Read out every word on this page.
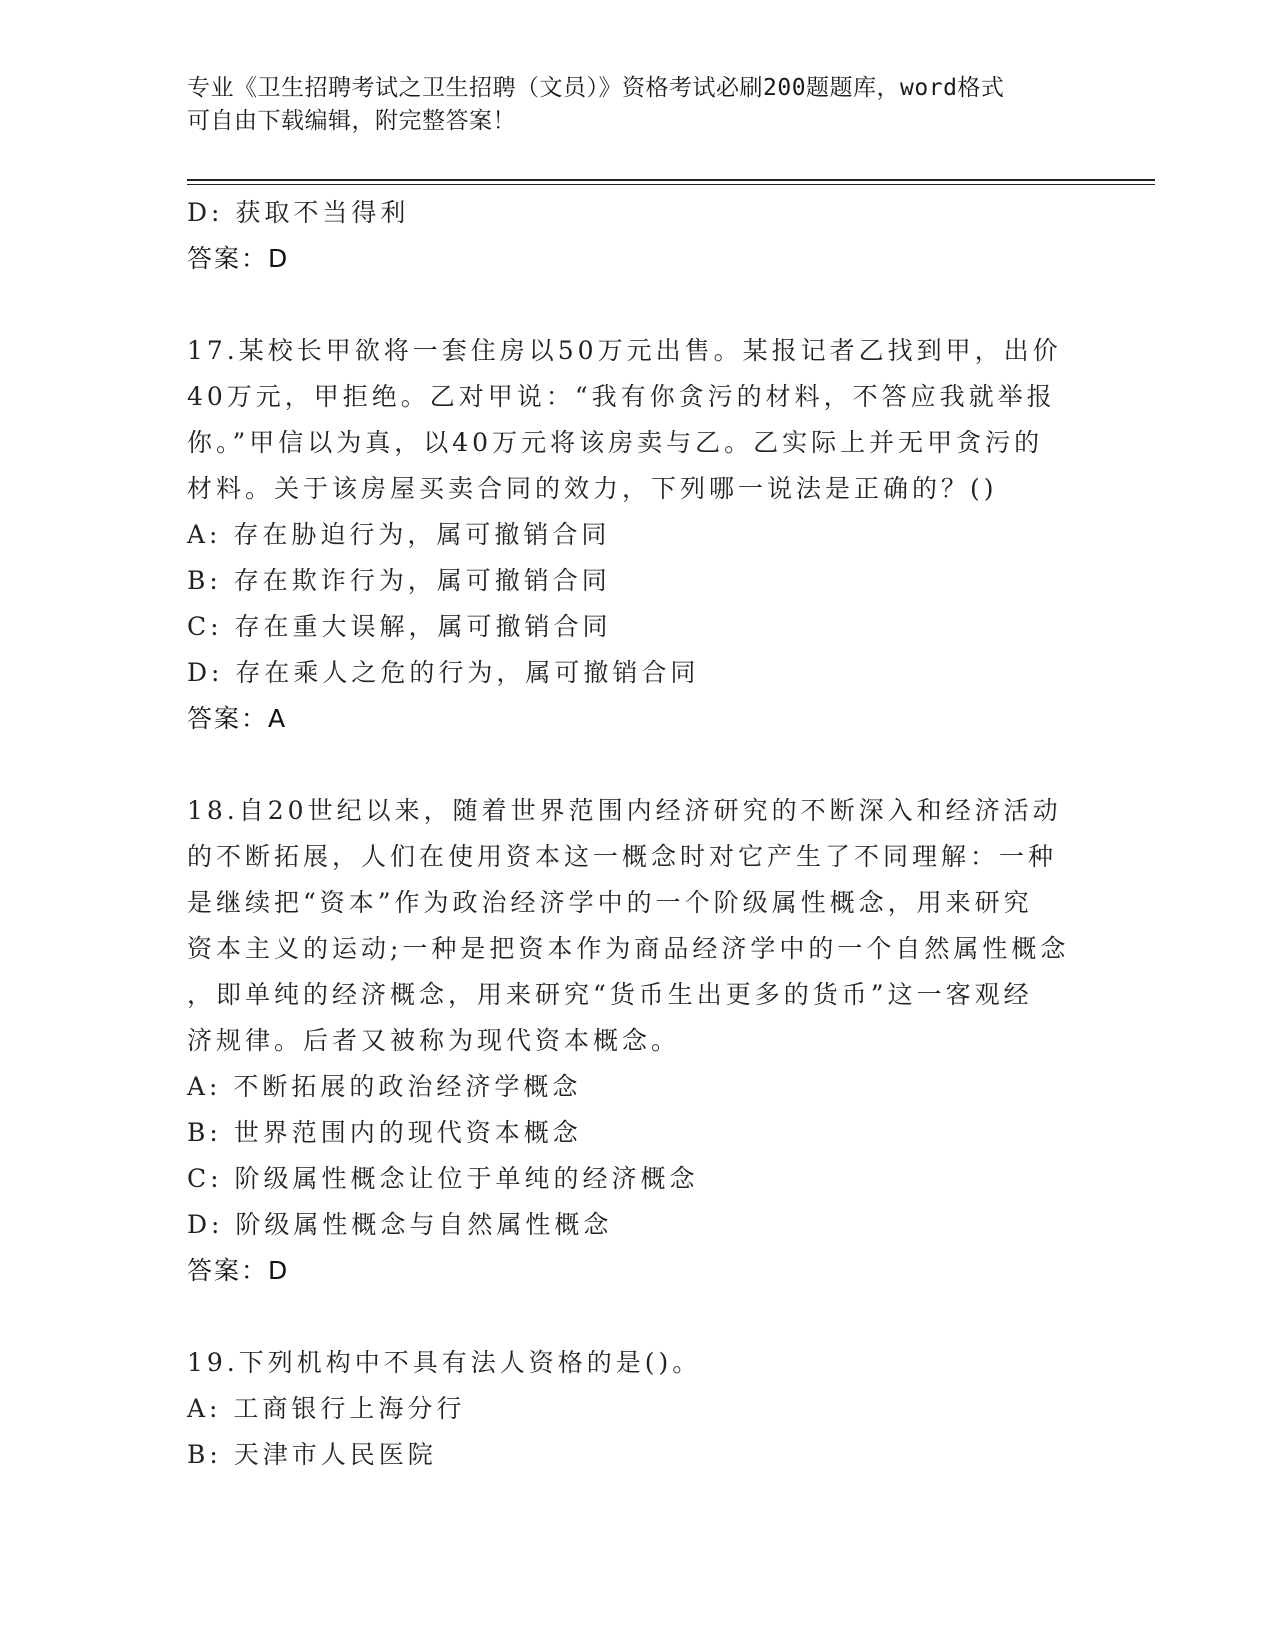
专业《卫生招聘考试之卫生招聘（文员）》资格考试必刷200题题库，word格式
可自由下载编辑，附完整答案！
D: 获取不当得利
答案：D
17.某校长甲欲将一套住房以50万元出售。某报记者乙找到甲，出价
40万元，甲拒绝。乙对甲说：“我有你贪污的材料，不答应我就举报
你。”甲信以为真，以40万元将该房卖与乙。乙实际上并无甲贪污的
材料。关于该房屋买卖合同的效力，下列哪一说法是正确的？()
A: 存在胁迫行为，属可撤销合同
B: 存在欺诈行为，属可撤销合同
C: 存在重大误解，属可撤销合同
D: 存在乘人之危的行为，属可撤销合同
答案：A
18.自20世纪以来，随着世界范围内经济研究的不断深入和经济活动
的不断拓展，人们在使用资本这一概念时对它产生了不同理解：一种
是继续把“资本”作为政治经济学中的一个阶级属性概念，用来研究
资本主义的运动;一种是把资本作为商品经济学中的一个自然属性概念
，即单纯的经济概念，用来研究“货币生出更多的货币”这一客观经
济规律。后者又被称为现代资本概念。
A: 不断拓展的政治经济学概念
B: 世界范围内的现代资本概念
C: 阶级属性概念让位于单纯的经济概念
D: 阶级属性概念与自然属性概念
答案：D
19.下列机构中不具有法人资格的是()。
A: 工商银行上海分行
B: 天津市人民医院
